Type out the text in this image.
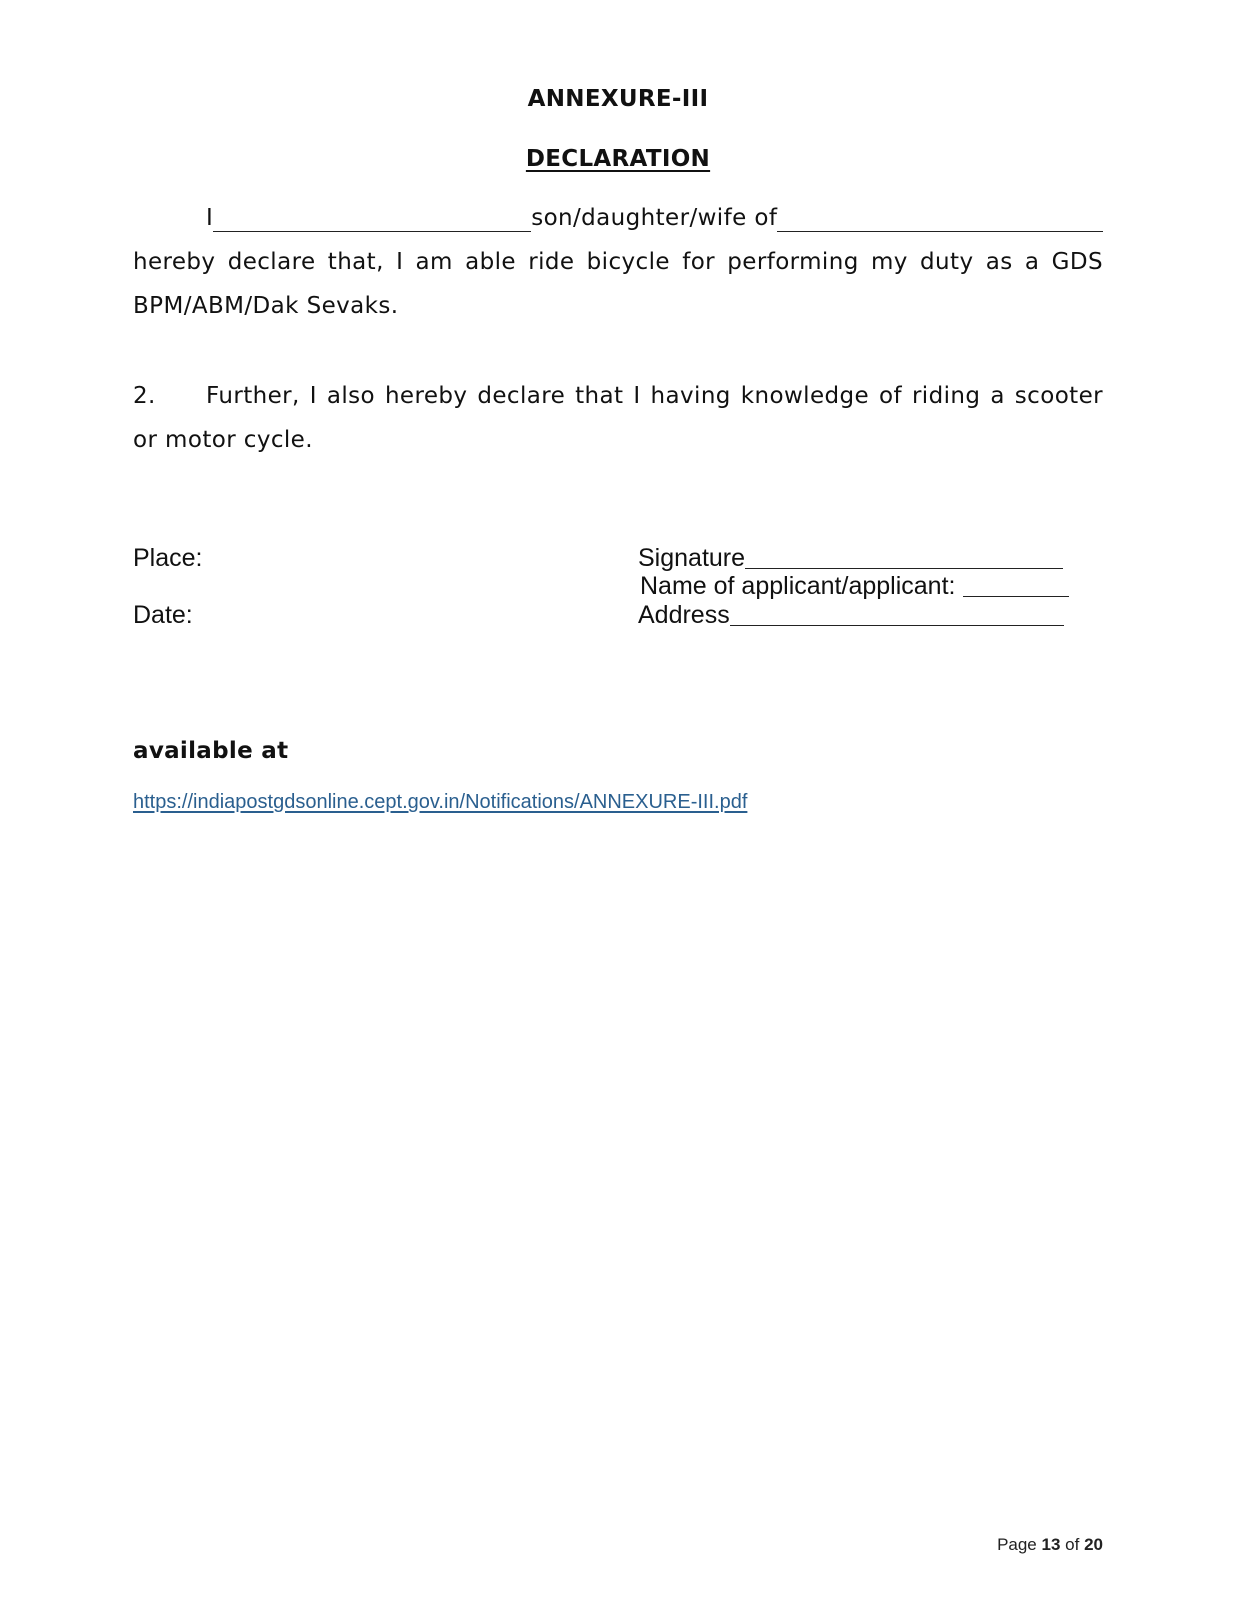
ANNEXURE-III
DECLARATION
I	son/daughter/wife of
hereby declare that, I am able ride bicycle for performing my duty as a GDS BPM/ABM/Dak Sevaks.
2. Further, I also hereby declare that I having knowledge of riding a scooter or motor cycle.
Place:
Date:
Signature
Name of applicant/applicant:
Address
available at
https://indiapostgdsonline.cept.gov.in/Notifications/ANNEXURE-III.pdf
Page 13 of 20
